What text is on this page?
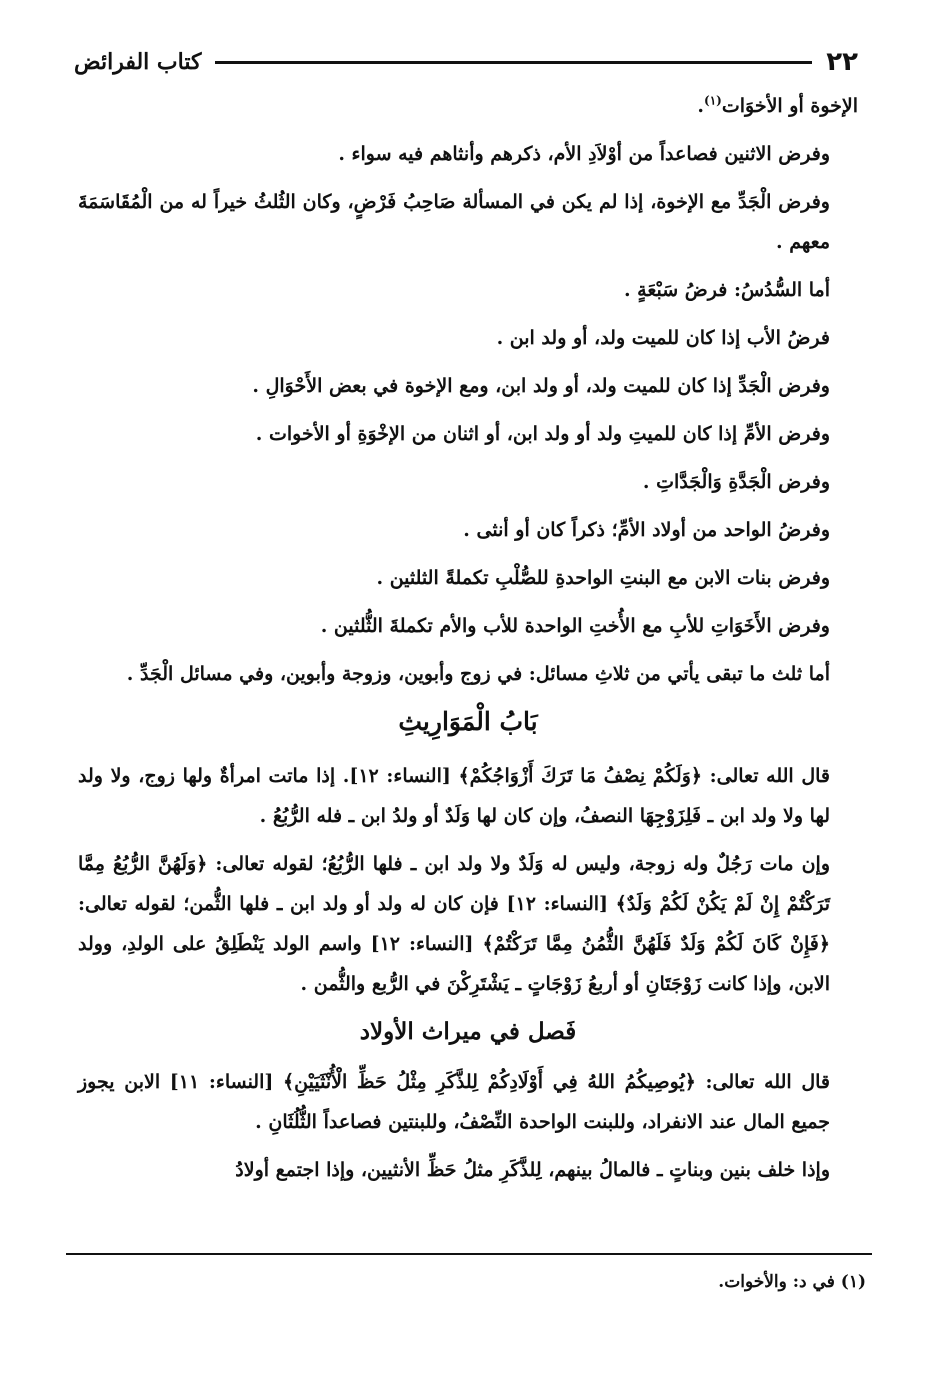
٢٢
كتاب الفرائض

الإخوة أو الأخوَات$^{(١)}$.

وفرض الاثنين فصاعداً من أوْلاَدِ الأم، ذكرهم وأنثاهم فيه سواء .

وفرض الْجَدِّ مع الإخوة، إذا لم يكن في المسألة صَاحِبُ فَرْضٍ، وكان الثُلثُ خيراً له من الْمُقَاسَمَةَ معهم .

أما السُّدُسُ: فرضُ سَبْعَةٍ .

فرضُ الأب إذا كان للميت ولد، أو ولد ابن .

وفرض الْجَدِّ إذا كان للميت ولد، أو ولد ابن، ومع الإخوة في بعض الأَحْوَالِ .

وفرض الأمِّ إذا كان للميتِ ولد أو ولد ابن، أو اثنان من الإخْوَةِ أو الأخوات .

وفرض الْجَدَّةِ وَالْجَدَّاتِ .

وفرضُ الواحد من أولاد الأمِّ؛ ذكراً كان أو أنثى .

وفرض بنات الابن مع البنتِ الواحدةِ للصُّلْبِ تكملةً الثلثين .

وفرض الأَخَوَاتِ للأبِ مع الأُختِ الواحدة للأب والأم تكملةَ الثُّلثين .

أما ثلث ما تبقى يأتي من ثلاثِ مسائل: في زوج وأبوين، وزوجة وأبوين، وفي مسائل الْجَدِّ .

بَابُ الْمَوَارِيثِ

قال الله تعالى: ﴿وَلَكُمْ نِصْفُ مَا تَرَكَ أَزْوَاجُكُمْ﴾ [النساء: ١٢]. إذا ماتت امرأةٌ ولها زوج، ولا ولد لها ولا ولد ابن ـ فَلِزَوْجِهَا النصفُ، وإن كان لها وَلَدٌ أو ولدُ ابن ـ فله الرُّبُعُ .

وإن مات رَجُلٌ وله زوجة، وليس له وَلَدٌ ولا ولد ابن ـ فلها الرُّبُعُ؛ لقوله تعالى: ﴿وَلَهُنَّ الرُّبُعُ مِمَّا تَرَكْتُمْ إِنْ لَمْ يَكُنْ لَكُمْ وَلَدٌ﴾ [النساء: ١٢] فإن كان له ولد أو ولد ابن ـ فلها الثُّمن؛ لقوله تعالى: ﴿فَإِنْ كَانَ لَكُمْ وَلَدٌ فَلَهُنَّ الثُّمُنُ مِمَّا تَرَكْتُمْ﴾ [النساء: ١٢] واسم الولد يَنْطَلِقُ على الولدِ، وولد الابن، وإذا كانت زَوْجَتَانِ أو أربعُ زَوْجَاتٍ ـ يَشْتَرِكْنَ في الرُّبع والثُّمن .

فَصل في ميراث الأولاد

قال الله تعالى: ﴿يُوصِيكُمُ اللهُ فِي أَوْلَادِكُمْ لِلذَّكَرِ مِثْلُ حَظِّ الْأُنْثَيَيْنِ﴾ [النساء: ١١] الابن يجوز جميع المال عند الانفراد، وللبنت الواحدة النِّصْفُ، وللبنتين فصاعداً الثُّلُثَانِ .

وإذا خلف بنين وبناتٍ ـ فالمالُ بينهم، لِلذَّكَرِ مثلُ حَظِّ الأنثيين، وإذا اجتمع أولادُ

(١) في د: والأخوات.
